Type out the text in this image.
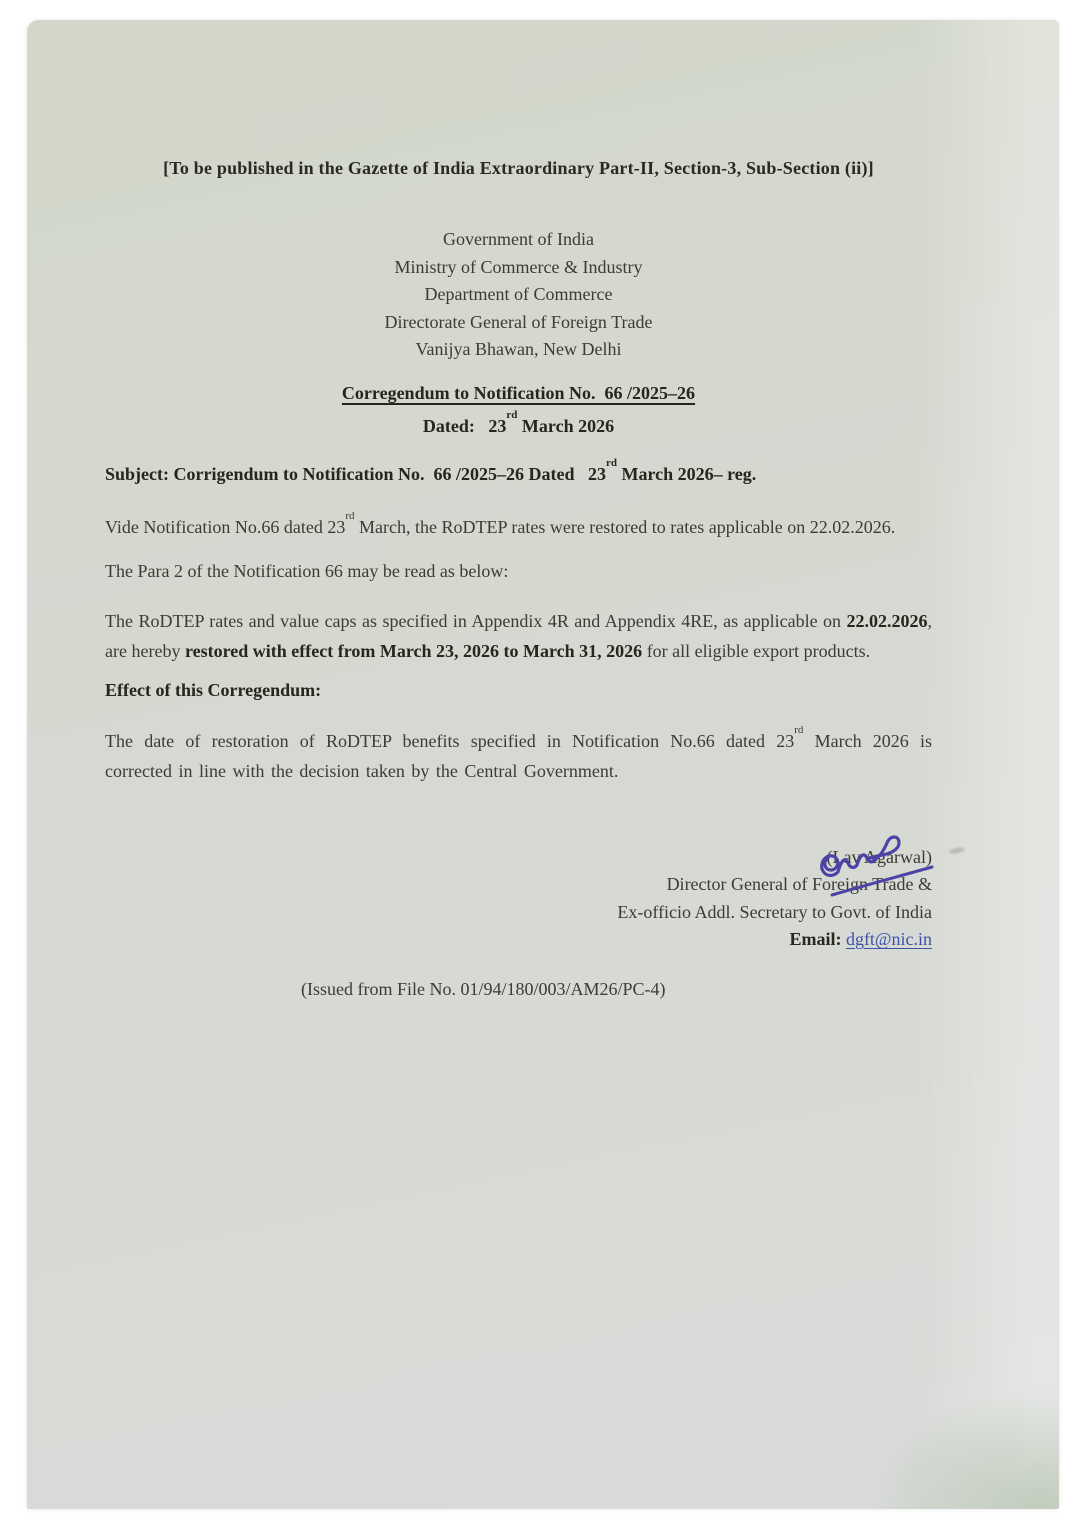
[To be published in the Gazette of India Extraordinary Part-II, Section-3, Sub-Section (ii)]
Government of India
Ministry of Commerce & Industry
Department of Commerce
Directorate General of Foreign Trade
Vanijya Bhawan, New Delhi
Corregendum to Notification No.  66 /2025–26
Dated:   23rd March 2026
Subject: Corrigendum to Notification No.  66 /2025–26 Dated   23rd March 2026– reg.
Vide Notification No.66 dated 23rd March, the RoDTEP rates were restored to rates applicable on 22.02.2026.
The Para 2 of the Notification 66 may be read as below:
The RoDTEP rates and value caps as specified in Appendix 4R and Appendix 4RE, as applicable on 22.02.2026, are hereby restored with effect from March 23, 2026 to March 31, 2026 for all eligible export products.
Effect of this Corregendum:
The date of restoration of RoDTEP benefits specified in Notification No.66 dated 23rd March 2026 is corrected in line with the decision taken by the Central Government.
(Lav Agarwal)
Director General of Foreign Trade &
Ex-officio Addl. Secretary to Govt. of India
Email: dgft@nic.in
(Issued from File No. 01/94/180/003/AM26/PC-4)
